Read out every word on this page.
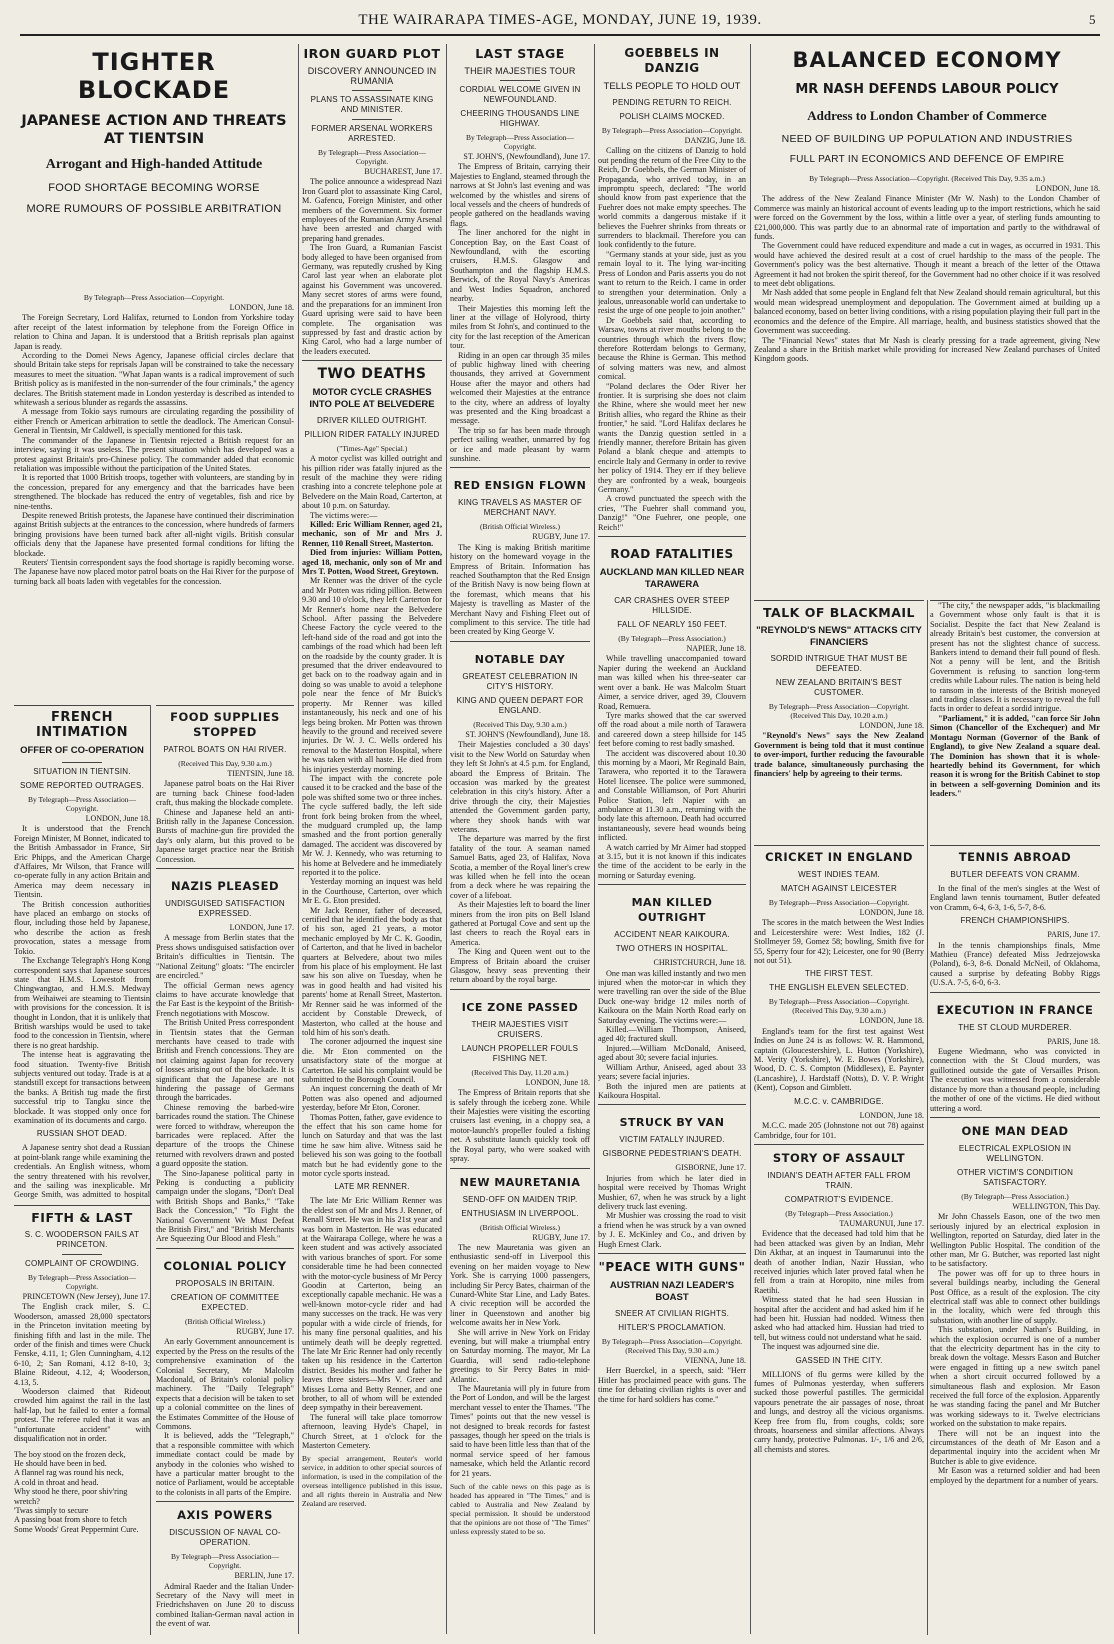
THE WAIRARAPA TIMES-AGE, MONDAY, JUNE 19, 1939.	5
TIGHTER BLOCKADE
JAPANESE ACTION AND THREATS AT TIENTSIN
Arrogant and High-handed Attitude
FOOD SHORTAGE BECOMING WORSE
MORE RUMOURS OF POSSIBLE ARBITRATION
By Telegraph—Press Association—Copyright.
LONDON, June 18.

The Foreign Secretary, Lord Halifax, returned to London from Yorkshire today after receipt of the latest information by telephone from the Foreign Office in relation to China and Japan. It is understood that a British reprisals plan against Japan is ready.

According to the Domei News Agency, Japanese official circles declare that should Britain take steps for reprisals Japan will be constrained to take the necessary measures to meet the situation. "What Japan wants is a radical improvement of such British policy as is manifested in the non-surrender of the four criminals," the agency declares. The British statement made in London yesterday is described as intended to whitewash a serious blunder as regards the assassins.

A message from Tokio says rumours are circulating regarding the possibility of either French or American arbitration to settle the deadlock. The American Consul-General in Tientsin, Mr Caldwell, is specially mentioned for this task.

The commander of the Japanese in Tientsin rejected a British request for an interview, saying it was useless. The present situation which has developed was a protest against Britain's pro-Chinese policy. The commander added that economic retaliation was impossible without the participation of the United States.

It is reported that 1000 British troops, together with volunteers, are standing by in the concession, prepared for any emergency and that the barricades have been strengthened. The blockade has reduced the entry of vegetables, fish and rice by nine-tenths.

Despite renewed British protests, the Japanese have continued their discrimination against British subjects at the entrances to the concession, where hundreds of farmers bringing provisions have been turned back after all-night vigils. British consular officials deny that the Japanese have presented formal conditions for lifting the blockade.

Reuters' Tientsin correspondent says the food shortage is rapidly becoming worse. The Japanese have now placed motor patrol boats on the Hai River for the purpose of turning back all boats laden with vegetables for the concession.

FRENCH INTIMATION
OFFER OF CO-OPERATION
SITUATION IN TIENTSIN.
SOME REPORTED OUTRAGES.
By Telegraph—Press Association—Copyright.
LONDON, June 18.

It is understood that the French Foreign Minister, M Bonnet, indicated to the British Ambassador in France, Sir Eric Phipps, and the American Charge d'Affaires, Mr Wilson, that France will co-operate fully in any action Britain and America may deem necessary in Tientsin.

The British concession authorities have placed an embargo on stocks of flour, including those held by Japanese, who describe the action as fresh provocation, states a message from Tokio.

The Exchange Telegraph's Hong Kong correspondent says that Japanese sources state that H.M.S. Lowestoft from Chingwangtao, and H.M.S. Medway from Weihaiwei are steaming to Tientsin with provisions for the concession. It is thought in London, that it is unlikely that British warships would be used to take food to the concession in Tientsin, where there is no great hardship.

The intense heat is aggravating the food situation. Twenty-five British subjects ventured out today. Trade is at a standstill except for transactions between the banks. A British tug made the first successful trip to Tangku since the blockade. It was stopped only once for examination of its documents and cargo.

RUSSIAN SHOT DEAD.

A Japanese sentry shot dead a Russian at point-blank range while examining the credentials. An English witness, whom the sentry threatened with his revolver, and the sailing was inexplicable. Mr George Smith, was admitted to hospital

FIFTH & LAST
S. C. WOODERSON FAILS AT PRINCETON.
COMPLAINT OF CROWDING.
By Telegraph—Press Association—Copyright.
PRINCETOWN (New Jersey), June 17.

The English crack miler, S. C. Wooderson, amassed 28,000 spectators in the Princeton invitation meeting by finishing fifth and last in the mile. The order of the finish and times were Chuck Fenske, 4.11, 1; Glen Cunningham, 4.12 6-10, 2; San Romani, 4.12 8-10, 3; Blaine Rideout, 4.12, 4; Wooderson, 4.13, 5.

Wooderson claimed that Rideout crowded him against the rail in the last half-lap, but he failed to enter a formal protest. The referee ruled that it was an "unfortunate accident" with disqualification not in order.

The boy stood on the frozen deck,
He should have been in bed.
A flannel rag was round his neck,
A cold in throat and head.
Why stood he there, poor shiv'ring wretch?
'Twas simply to secure
A passing boat from shore to fetch
Some Woods' Great Peppermint Cure.
FOOD SUPPLIES STOPPED
PATROL BOATS ON HAI RIVER.
(Received This Day, 9.30 a.m.)
TIENTSIN, June 18.

Japanese patrol boats on the Hai River are turning back Chinese food-laden craft, thus making the blockade complete.

Chinese and Japanese held an anti-British rally in the Japanese Concession. Bursts of machine-gun fire provided the day's only alarm, but this proved to be Japanese target practice near the British Concession.

NAZIS PLEASED
UNDISGUISED SATISFACTION EXPRESSED.
LONDON, June 17.

A message from Berlin states that the Press shows undisguised satisfaction over Britain's difficulties in Tientsin. The "National Zeitung" gloats: "The encircler are encircled."

The official German news agency claims to have accurate knowledge that the Far East is the keypoint of the British-French negotiations with Moscow.

The British United Press correspondent in Tientsin states that the German merchants have ceased to trade with British and French concessions. They are not claiming against Japan for recovery of losses arising out of the blockade. It is significant that the Japanese are not hindering the passage of Germans through the barricades.

Chinese removing the barbed-wire barricades round the station. The Chinese were forced to withdraw, whereupon the barricades were replaced. After the departure of the troops the Chinese returned with revolvers drawn and posted a guard opposite the station.

The Sino-Japanese political party in Peking is conducting a publicity campaign under the slogans, "Don't Deal with British Shops and Banks," "Take Back the Concession," "To Fight the National Government We Must Defeat the British First," and "British Merchants Are Squeezing Our Blood and Flesh."

COLONIAL POLICY
PROPOSALS IN BRITAIN.
CREATION OF COMMITTEE EXPECTED.
(British Official Wireless.)
RUGBY, June 17.

An early Government announcement is expected by the Press on the results of the comprehensive examination of the Colonial Secretary, Mr Malcolm Macdonald, of Britain's colonial policy machinery. The "Daily Telegraph" expects that a decision will be taken to set up a colonial committee on the lines of the Estimates Committee of the House of Commons.

It is believed, adds the "Telegraph," that a responsible committee with which immediate contact could be made by anybody in the colonies who wished to have a particular matter brought to the notice of Parliament, would be acceptable to the colonists in all parts of the Empire.

AXIS POWERS
DISCUSSION OF NAVAL CO-OPERATION.
By Telegraph—Press Association—Copyright.
BERLIN, June 17.

Admiral Raeder and the Italian Under-Secretary of the Navy will meet in Friedrichshaven on June 20 to discuss combined Italian-German naval action in the event of war.

IRON GUARD PLOT
DISCOVERY ANNOUNCED IN RUMANIA
PLANS TO ASSASSINATE KING AND MINISTER.
FORMER ARSENAL WORKERS ARRESTED.
By Telegraph—Press Association—Copyright.
BUCHAREST, June 17.

The police announce a widespread Nazi Iron Guard plot to assassinate King Carol, M. Gafencu, Foreign Minister, and other members of the Government. Six former employees of the Rumanian Army Arsenal have been arrested and charged with preparing hand grenades.

The Iron Guard, a Rumanian Fascist body alleged to have been organised from Germany, was reputedly crushed by King Carol last year when an elaborate plot against his Government was uncovered. Many secret stores of arms were found, and the preparations for an imminent Iron Guard uprising were said to have been complete. The organisation was suppressed by fast and drastic action by King Carol, who had a large number of the leaders executed.

TWO DEATHS
MOTOR CYCLE CRASHES INTO POLE AT BELVEDERE
DRIVER KILLED OUTRIGHT.
PILLION RIDER FATALLY INJURED
("Times-Age" Special.)

A motor cyclist was killed outright and his pillion rider was fatally injured as the result of the machine they were riding crashing into a concrete telephone pole at Belvedere on the Main Road, Carterton, at about 10 p.m. on Saturday.

The victims were:—

Killed: Eric William Renner, aged 21, mechanic, son of Mr and Mrs J. Renner, 110 Renall Street, Masterton.

Died from injuries: William Potten, aged 18, mechanic, only son of Mr and Mrs T. Potten, Wood Street, Greytown.

Mr Renner was the driver of the cycle and Mr Potten was riding pillion. Between 9.30 and 10 o'clock, they left Carterton for Mr Renner's home near the Belvedere School. After passing the Belvedere Cheese Factory the cycle veered to the left-hand side of the road and got into the cambings of the road which had been left on the roadside by the county grader. It is presumed that the driver endeavoured to get back on to the roadway again and in doing so was unable to avoid a telephone pole near the fence of Mr Buick's property. Mr Renner was killed instantaneously, his neck and one of his legs being broken. Mr Potten was thrown heavily to the ground and received severe injuries. Dr W. J. C. Wells ordered his removal to the Masterton Hospital, where he was taken with all haste. He died from his injuries yesterday morning.

The impact with the concrete pole caused it to be cracked and the base of the pole was shifted some two or three inches. The cycle suffered badly, the left side front fork being broken from the wheel, the mudguard crumpled up, the lamp smashed and the front portion generally damaged. The accident was discovered by Mr W. J. Kennedy, who was returning to his home at Belvedere and he immediately reported it to the police.

Yesterday morning an inquest was held in the Courthouse, Carterton, over which Mr E. G. Eton presided.

Mr Jack Renner, father of deceased, certified that he identified the body as that of his son, aged 21 years, a motor mechanic employed by Mr C. K. Goodin, of Carterton, and that he lived in bachelor quarters at Belvedere, about two miles from his place of his employment. He last saw his son alive on Tuesday, when he was in good health and had visited his parents' home at Renall Street, Masterton. Mr Renner said he was informed of the accident by Constable Dreweck, of Masterton, who called at the house and told him of his son's death.

The coroner adjourned the inquest sine die. Mr Eton commented on the unsatisfactory state of the morgue at Carterton. He said his complaint would be submitted to the Borough Council.

An inquest concerning the death of Mr Potten was also opened and adjourned yesterday, before Mr Eton, Coroner.

Thomas Potten, father, gave evidence to the effect that his son came home for lunch on Saturday and that was the last time he saw him alive. Witness said he believed his son was going to the football match but he had evidently gone to the motor cycle sports instead.

LATE MR RENNER.

The late Mr Eric William Renner was the eldest son of Mr and Mrs J. Renner, of Renall Street. He was in his 21st year and was born in Masterton. He was educated at the Wairarapa College, where he was a keen student and was actively associated with various branches of sport. For some considerable time he had been connected with the motor-cycle business of Mr Percy Goodin at Carterton, being an exceptionally capable mechanic. He was a well-known motor-cycle rider and had many successes on the track. He was very popular with a wide circle of friends, for his many fine personal qualities, and his untimely death will be deeply regretted. The late Mr Eric Renner had only recently taken up his residence in the Carterton district. Besides his mother and father he leaves three sisters—Mrs V. Greer and Misses Lorna and Betty Renner, and one brother, to all of whom will be extended deep sympathy in their bereavement.

The funeral will take place tomorrow afternoon, leaving Hyde's Chapel, in Church Street, at 1 o'clock for the Masterton Cemetery.

By special arrangement, Reuter's world service, in addition to other special sources of information, is used in the compilation of the overseas intelligence published in this issue, and all rights therein in Australia and New Zealand are reserved.
LAST STAGE
THEIR MAJESTIES TOUR
CORDIAL WELCOME GIVEN IN NEWFOUNDLAND.
CHEERING THOUSANDS LINE HIGHWAY.
By Telegraph—Press Association—Copyright.
ST. JOHN'S, (Newfoundland), June 17.

The Empress of Britain, carrying their Majesties to England, steamed through the narrows at St John's last evening and was welcomed by the whistles and sirens of local vessels and the cheers of hundreds of people gathered on the headlands waving flags.

The liner anchored for the night in Conception Bay, on the East Coast of Newfoundland, with the escorting cruisers, H.M.S. Glasgow and Southampton and the flagship H.M.S. Berwick, of the Royal Navy's Americas and West Indies Squadron, anchored nearby.

Their Majesties this morning left the liner at the village of Holyrood, thirty miles from St John's, and continued to the city for the last reception of the American tour.

Riding in an open car through 35 miles of public highway lined with cheering thousands, they arrived at Government House after the mayor and others had welcomed their Majesties at the entrance to the city, where an address of loyalty was presented and the King broadcast a message.

The trip so far has been made through perfect sailing weather, unmarred by fog or ice and made pleasant by warm sunshine.

RED ENSIGN FLOWN
KING TRAVELS AS MASTER OF MERCHANT NAVY.
(British Official Wireless.)
RUGBY, June 17.

The King is making British maritime history on the homeward voyage in the Empress of Britain. Information has reached Southampton that the Red Ensign of the British Navy is now being flown at the foremast, which means that his Majesty is travelling as Master of the Merchant Navy and Fishing Fleet out of compliment to this service. The title had been created by King George V.

NOTABLE DAY
GREATEST CELEBRATION IN CITY'S HISTORY.
KING AND QUEEN DEPART FOR ENGLAND.
(Received This Day, 9.30 a.m.)
ST. JOHN'S (Newfoundland), June 18.

Their Majesties concluded a 30 days' visit to the New World on Saturday when they left St John's at 4.5 p.m. for England, aboard the Empress of Britain. The occasion was marked by the greatest celebration in this city's history. After a drive through the city, their Majesties attended the Government garden party, where they shook hands with war veterans.

The departure was marred by the first fatality of the tour. A seaman named Samuel Batts, aged 23, of Halifax, Nova Scotia, a member of the Royal liner's crew was killed when he fell into the ocean from a deck where he was repairing the cover of a lifeboat.

As their Majesties left to board the liner miners from the iron pits on Bell Island gathered at Portugal Cove and sent up the last cheers to reach the Royal ears in America.

The King and Queen went out to the Empress of Britain aboard the cruiser Glasgow, heavy seas preventing their return aboard by the royal barge.

ICE ZONE PASSED
THEIR MAJESTIES VISIT CRUISERS.
LAUNCH PROPELLER FOULS FISHING NET.
(Received This Day, 11.20 a.m.)
LONDON, June 18.

The Empress of Britain reports that she is safely through the iceberg zone. While their Majesties were visiting the escorting cruisers last evening, in a choppy sea, a motor-launch's propeller fouled a fishing net. A substitute launch quickly took off the Royal party, who were soaked with spray.

NEW MAURETANIA
SEND-OFF ON MAIDEN TRIP.
ENTHUSIASM IN LIVERPOOL.
(British Official Wireless.)
RUGBY, June 17.

The new Mauretania was given an enthusiastic send-off in Liverpool this evening on her maiden voyage to New York. She is carrying 1000 passengers, including Sir Percy Bates, chairman of the Cunard-White Star Line, and Lady Bates. A civic reception will be accorded the liner in Queenstown and another big welcome awaits her in New York.

She will arrive in New York on Friday evening, but will make a triumphal entry on Saturday morning. The mayor, Mr La Guardia, will send radio-telephone greetings to Sir Percy Bates in mid-Atlantic.

The Mauretania will ply in future from the Port of London, and will be the largest merchant vessel to enter the Thames. "The Times" points out that the new vessel is not designed to break records for fastest passages, though her speed on the trials is said to have been little less than that of the normal service speed of her famous namesake, which held the Atlantic record for 21 years.

Such of the cable news on this page as is headed has appeared in "The Times," and is cabled to Australia and New Zealand by special permission. It should be understood that the opinions are not those of "The Times" unless expressly stated to be so.
GOEBBELS IN DANZIG
TELLS PEOPLE TO HOLD OUT
PENDING RETURN TO REICH.
POLISH CLAIMS MOCKED.
By Telegraph—Press Association—Copyright.
DANZIG, June 18.

Calling on the citizens of Danzig to hold out pending the return of the Free City to the Reich, Dr Goebbels, the German Minister of Propaganda, who arrived today, in an impromptu speech, declared: "The world should know from past experience that the Fuehrer does not make empty speeches. The world commits a dangerous mistake if it believes the Fuehrer shrinks from threats or surrenders to blackmail. Therefore you can look confidently to the future.

"Germany stands at your side, just as you remain loyal to it. The lying war-inciting Press of London and Paris asserts you do not want to return to the Reich. I came in order to strengthen your determination. Only a jealous, unreasonable world can undertake to resist the urge of one people to join another."

Dr Goebbels said that, according to Warsaw, towns at river mouths belong to the countries through which the rivers flow; therefore Rotterdam belongs to Germany, because the Rhine is German. This method of solving matters was new, and almost comical.

"Poland declares the Oder River her frontier. It is surprising she does not claim the Rhine, where she would meet her new British allies, who regard the Rhine as their frontier," he said. "Lord Halifax declares he wants the Danzig question settled in a friendly manner, therefore Britain has given Poland a blank cheque and attempts to encircle Italy and Germany in order to revive her policy of 1914. They err if they believe they are confronted by a weak, bourgeois Germany."

A crowd punctuated the speech with the cries, "The Fuehrer shall command you, Danzig!" "One Fuehrer, one people, one Reich!"

ROAD FATALITIES
AUCKLAND MAN KILLED NEAR TARAWERA
CAR CRASHES OVER STEEP HILLSIDE.
FALL OF NEARLY 150 FEET.
(By Telegraph—Press Association.)
NAPIER, June 18.

While travelling unaccompanied toward Napier during the weekend an Auckland man was killed when his three-seater car went over a bank. He was Malcolm Stuart Aimer, a service driver, aged 39, Clouvern Road, Remuera.

Tyre marks showed that the car swerved off the road about a mile north of Tarawera and careered down a steep hillside for 145 feet before coming to rest badly smashed.

The accident was discovered about 10.30 this morning by a Maori, Mr Reginald Bain, Tarawera, who reported it to the Tarawera Hotel licensee. The police were summoned, and Constable Williamson, of Port Ahuriri Police Station, left Napier with an ambulance at 11.30 a.m., returning with the body late this afternoon. Death had occurred instantaneously, severe head wounds being inflicted.

A watch carried by Mr Aimer had stopped at 3.15, but it is not known if this indicates the time of the accident to be early in the morning or Saturday evening.

MAN KILLED OUTRIGHT
ACCIDENT NEAR KAIKOURA.
TWO OTHERS IN HOSPITAL.
CHRISTCHURCH, June 18.

One man was killed instantly and two men injured when the motor-car in which they were travelling ran over the side of the Blue Duck one-way bridge 12 miles north of Kaikoura on the Main North Road early on Saturday evening. The victims were:—

Killed.—William Thompson, Aniseed, aged 40; fractured skull.

Injured.—William McDonald, Aniseed, aged about 30; severe facial injuries.

William Arthur, Aniseed, aged about 33 years; severe facial injuries.

Both the injured men are patients at Kaikoura Hospital.

STRUCK BY VAN
VICTIM FATALLY INJURED.
GISBORNE PEDESTRIAN'S DEATH.
GISBORNE, June 17.

Injuries from which he later died in hospital were received by Thomas Wright Mushier, 67, when he was struck by a light delivery truck last evening.

Mr Mushier was crossing the road to visit a friend when he was struck by a van owned by J. E. McKinley and Co., and driven by Hugh Ernest Clark.

"PEACE WITH GUNS"
AUSTRIAN NAZI LEADER'S BOAST
SNEER AT CIVILIAN RIGHTS.
HITLER'S PROCLAMATION.
By Telegraph—Press Association—Copyright. (Received This Day, 9.30 a.m.)
VIENNA, June 18.

Herr Buerckel, in a speech, said: "Herr Hitler has proclaimed peace with guns. The time for debating civilian rights is over and the time for hard soldiers has come."

BALANCED ECONOMY
MR NASH DEFENDS LABOUR POLICY
Address to London Chamber of Commerce
NEED OF BUILDING UP POPULATION AND INDUSTRIES
FULL PART IN ECONOMICS AND DEFENCE OF EMPIRE
By Telegraph—Press Association—Copyright. (Received This Day, 9.35 a.m.)
LONDON, June 18.

The address of the New Zealand Finance Minister (Mr W. Nash) to the London Chamber of Commerce was mainly an historical account of events leading up to the import restrictions, which he said were forced on the Government by the loss, within a little over a year, of sterling funds amounting to £21,000,000. This was partly due to an abnormal rate of importation and partly to the withdrawal of funds.

The Government could have reduced expenditure and made a cut in wages, as occurred in 1931. This would have achieved the desired result at a cost of cruel hardship to the mass of the people. The Government's policy was the best alternative. Though it meant a breach of the letter of the Ottawa Agreement it had not broken the spirit thereof, for the Government had no other choice if it was resolved to meet debt obligations.

Mr Nash added that some people in England felt that New Zealand should remain agricultural, but this would mean widespread unemployment and depopulation. The Government aimed at building up a balanced economy, based on better living conditions, with a rising population playing their full part in the economics and the defence of the Empire. All marriage, health, and business statistics showed that the Government was succeeding.

The "Financial News" states that Mr Nash is clearly pressing for a trade agreement, giving New Zealand a share in the British market while providing for increased New Zealand purchases of United Kingdom goods.

TALK OF BLACKMAIL
"REYNOLD'S NEWS" ATTACKS CITY FINANCIERS
SORDID INTRIGUE THAT MUST BE DEFEATED.
NEW ZEALAND BRITAIN'S BEST CUSTOMER.
By Telegraph—Press Association—Copyright. (Received This Day, 10.20 a.m.)
LONDON, June 18.

"Reynold's News" says the New Zealand Government is being told that it must continue to over-import, further reducing the favourable trade balance, simultaneously purchasing the financiers' help by agreeing to their terms.

"The city," the newspaper adds, "is blackmailing a Government whose only fault is that it is Socialist. Despite the fact that New Zealand is already Britain's best customer, the conversion at present has not the slightest chance of success. Bankers intend to demand their full pound of flesh. Not a penny will be lent, and the British Government is refusing to sanction long-term credits while Labour rules. The nation is being held to ransom in the interests of the British moneyed and trading classes. It is necessary to reveal the full facts in order to defeat a sordid intrigue.

"Parliament," it is added, "can force Sir John Simon (Chancellor of the Exchequer) and Mr Montagu Norman (Governor of the Bank of England), to give New Zealand a square deal. The Dominion has shown that it is whole-heartedly behind its Government, for which reason it is wrong for the British Cabinet to stop in between a self-governing Dominion and its leaders."

CRICKET IN ENGLAND
WEST INDIES TEAM.
MATCH AGAINST LEICESTER
By Telegraph—Press Association—Copyright.
LONDON, June 18.

The scores in the match between the West Indies and Leicestershire were: West Indies, 182 (J. Stollmeyer 59, Gomez 58; bowling, Smith five for 55, Sperry four for 42); Leicester, one for 90 (Berry not out 51).

THE FIRST TEST.
THE ENGLISH ELEVEN SELECTED.
By Telegraph—Press Association—Copyright. (Received This Day, 9.30 a.m.)
LONDON, June 18.

England's team for the first test against West Indies on June 24 is as follows: W. R. Hammond, captain (Gloucestershire), L. Hutton (Yorkshire), M. Verity (Yorkshire), W. E. Bowes (Yorkshire), Wood, D. C. S. Compton (Middlesex), E. Paynter (Lancashire), J. Hardstaff (Notts), D. V. P. Wright (Kent), Copson and Gimblett.

M.C.C. v. CAMBRIDGE.
LONDON, June 18.

M.C.C. made 205 (Johnstone not out 78) against Cambridge, four for 101.

STORY OF ASSAULT
INDIAN'S DEATH AFTER FALL FROM TRAIN.
COMPATRIOT'S EVIDENCE.
(By Telegraph—Press Association.)
TAUMARUNUI, June 17.

Evidence that the deceased had told him that he had been attacked was given by an Indian, Mehr Din Akthar, at an inquest in Taumarunui into the death of another Indian, Nazir Hussian, who received injuries which later proved fatal when he fell from a train at Horopito, nine miles from Raetihi.

Witness stated that he had seen Hussian in hospital after the accident and had asked him if he had been hit. Hussian had nodded. Witness then asked who had attacked him. Hussian had tried to tell, but witness could not understand what he said.

The inquest was adjourned sine die.

GASSED IN THE CITY.

MILLIONS of flu germs were killed by the fumes of Pulmonas yesterday, when sufferers sucked those powerful pastilles. The germicidal vapours penetrate the air passages of nose, throat and lungs, and destroy all the vicious organisms. Keep free from flu, from coughs, colds; sore throats, hoarseness and similar affections. Always carry handy, protective Pulmonas. 1/-, 1/6 and 2/6, all chemists and stores.

TENNIS ABROAD
BUTLER DEFEATS VON CRAMM.

In the final of the men's singles at the West of England lawn tennis tournament, Butler defeated von Cramm, 6-4, 6-3, 1-6, 5-7, 8-6.

FRENCH CHAMPIONSHIPS.
PARIS, June 17.

In the tennis championships finals, Mme Mathieu (France) defeated Miss Jedrzejowska (Poland), 6-3, 8-6. Donald McNeil, of Oklahoma, caused a surprise by defeating Bobby Riggs (U.S.A. 7-5, 6-0, 6-3.

EXECUTION IN FRANCE
THE ST CLOUD MURDERER.
PARIS, June 18.

Eugene Wiedmann, who was convicted in connection with the St Cloud murders, was guillotined outside the gate of Versailles Prison. The execution was witnessed from a considerable distance by more than a thousand people, including the mother of one of the victims. He died without uttering a word.

ONE MAN DEAD
ELECTRICAL EXPLOSION IN WELLINGTON.
OTHER VICTIM'S CONDITION SATISFACTORY.
(By Telegraph—Press Association.)
WELLINGTON, This Day.

Mr John Chassels Eason, one of the two men seriously injured by an electrical explosion in Wellington, reported on Saturday, died later in the Wellington Public Hospital. The condition of the other man, Mr G. Butcher, was reported last night to be satisfactory.

The power was off for up to three hours in several buildings nearby, including the General Post Office, as a result of the explosion. The city electrical staff was able to connect other buildings in the locality, which were fed through this substation, with another line of supply.

This substation, under Nathan's Building, in which the explosion occurred is one of a number that the electricity department has in the city to break down the voltage. Messrs Eason and Butcher were engaged in fitting up a new switch panel when a short circuit occurred followed by a simultaneous flash and explosion. Mr Eason received the full force of the explosion. Apparently he was standing facing the panel and Mr Butcher was working sideways to it. Twelve electricians worked on the substation to make repairs.

There will not be an inquest into the circumstances of the death of Mr Eason and a departmental inquiry into the accident when Mr Butcher is able to give evidence.

Mr Eason was a returned soldier and had been employed by the department for a number of years.
